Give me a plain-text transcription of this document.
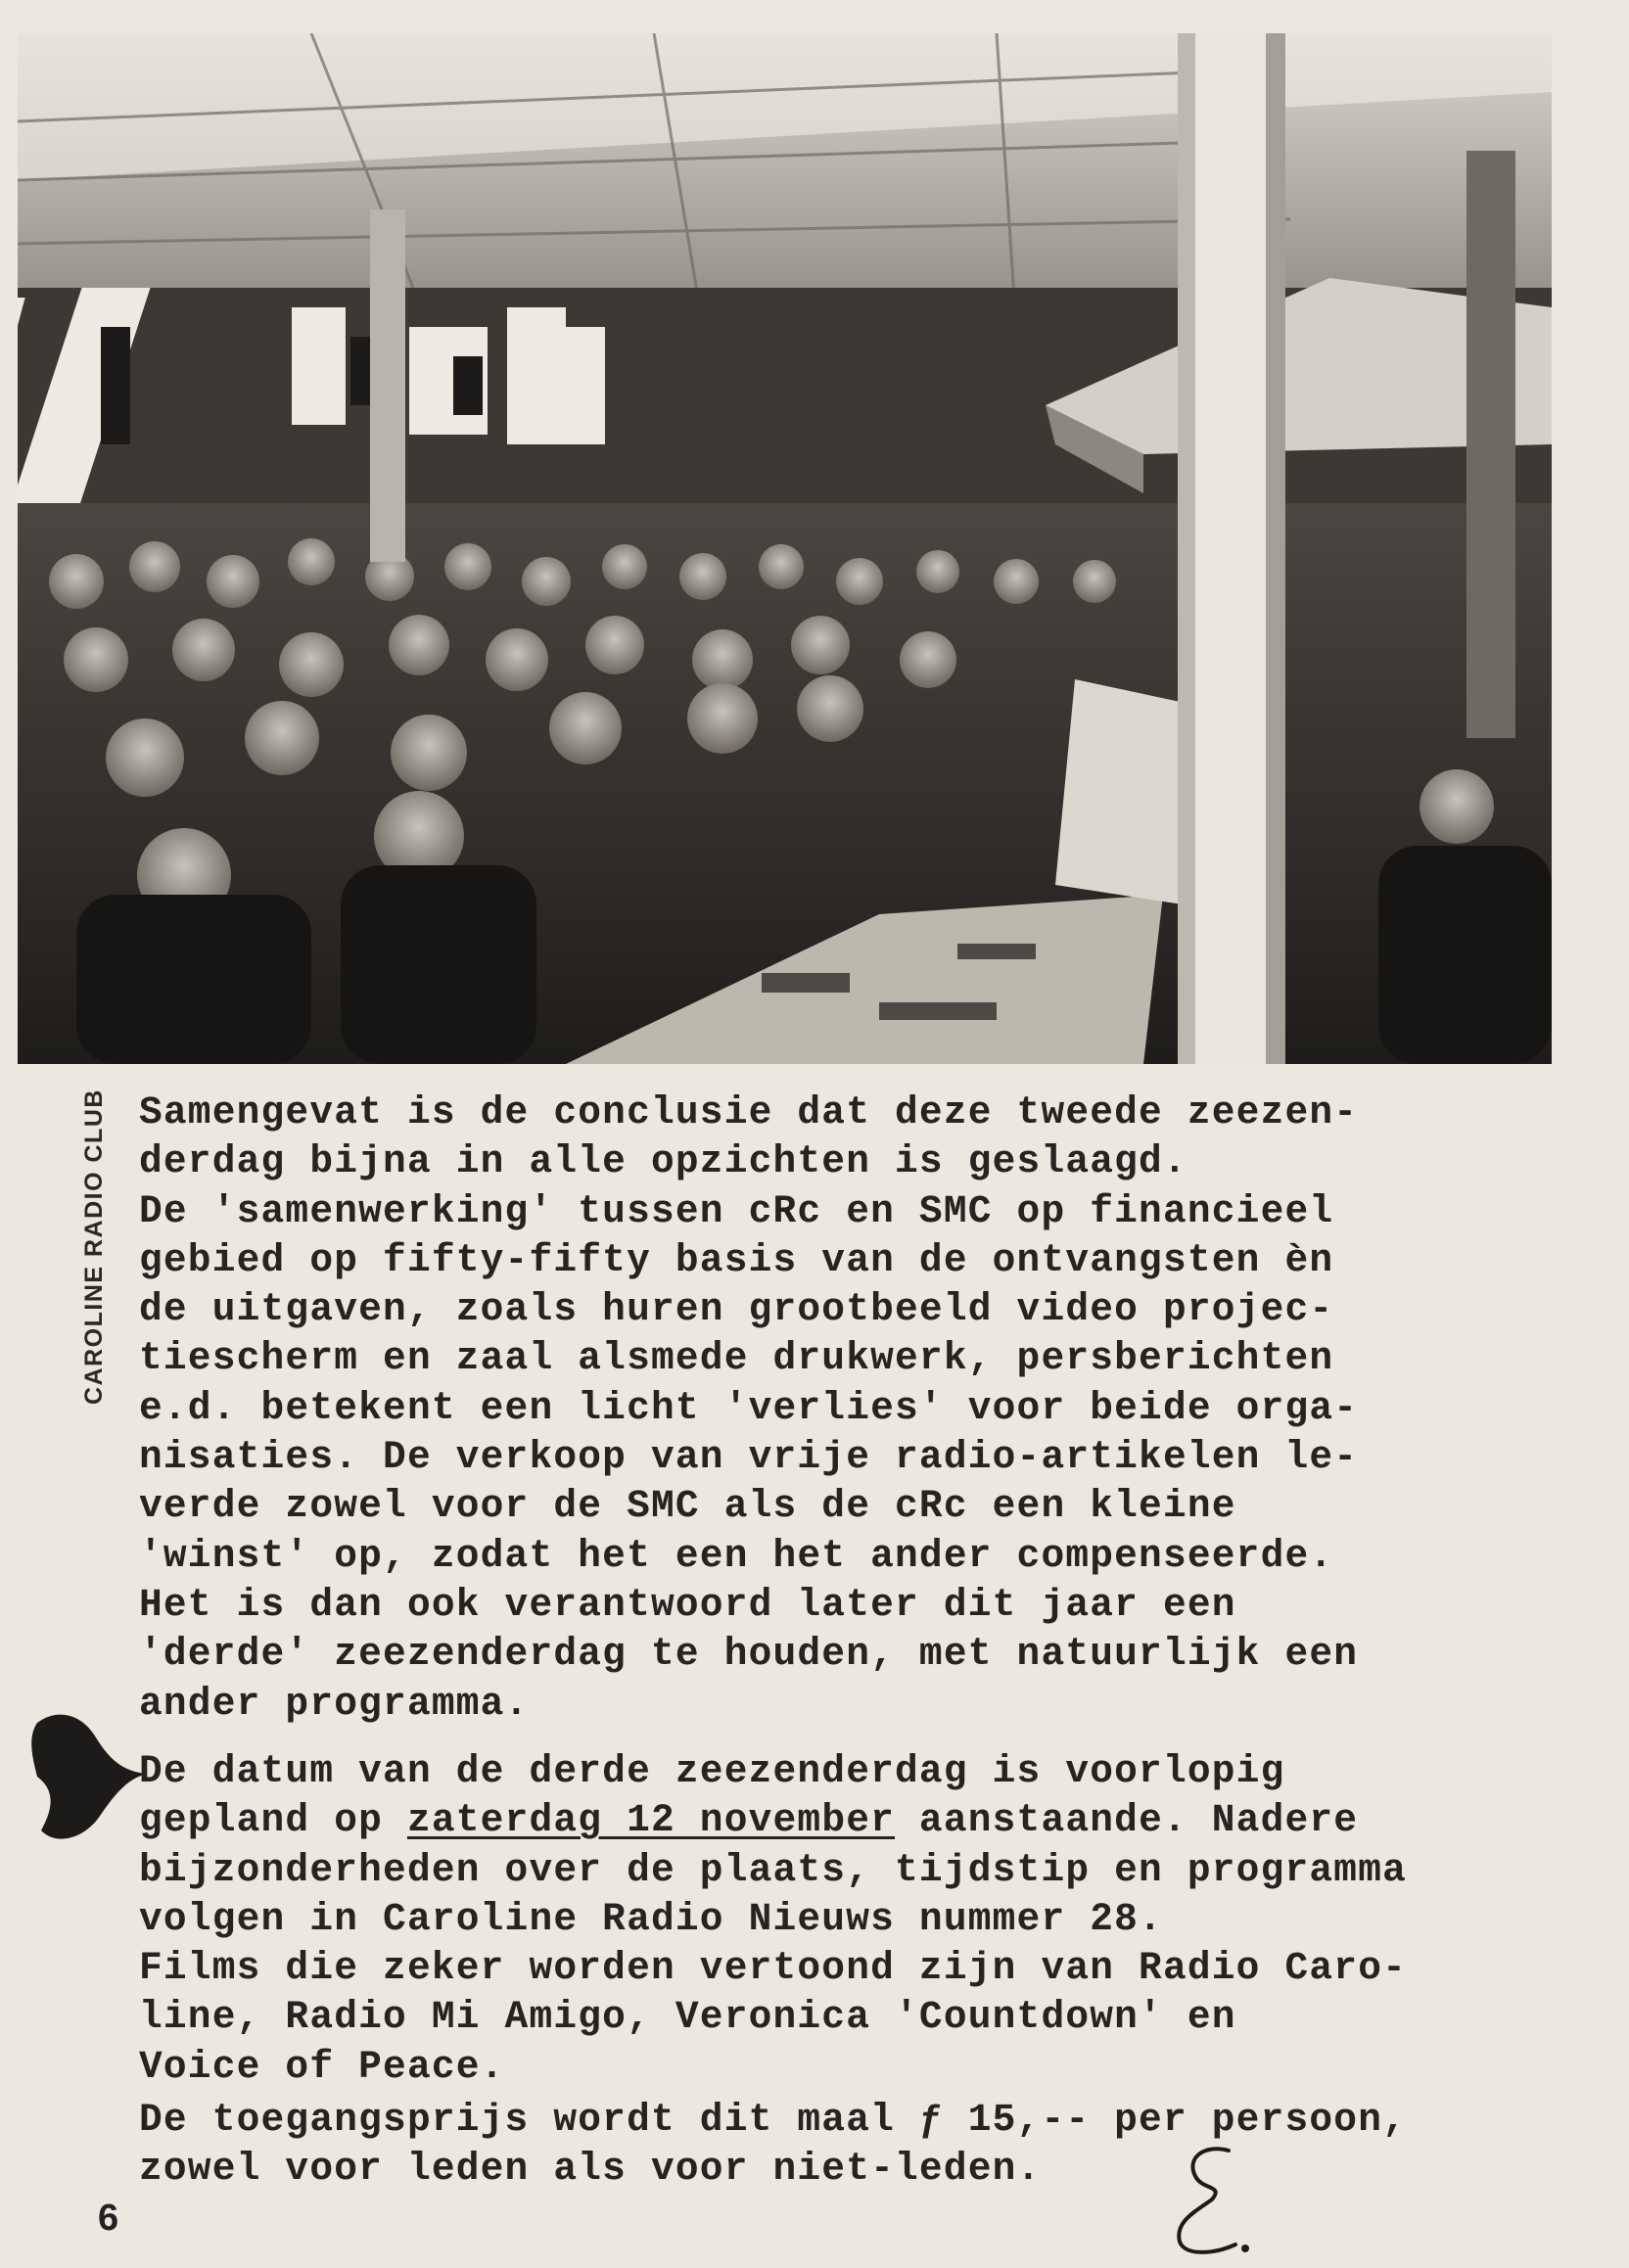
CAROLINE RADIO CLUB Samengevat is de conclusie dat deze tweede zeezen-

derdag bijna in alle opzichten is geslaagd.

De 'samenwerking' tussen cRc en SMC op financieel

gebied op fifty-fifty basis van de ontvangsten èn

de uitgaven, zoals huren grootbeeld video projec-

tiescherm en zaal alsmede drukwerk, persberichten

e.d. betekent een licht 'verlies' voor beide orga-

nisaties. De verkoop van vrije radio-artikelen le-

verde zowel voor de SMC als de cRc een kleine

'winst' op, zodat het een het ander compenseerde.

Het is dan ook verantwoord later dit jaar een

'derde' zeezenderdag te houden, met natuurlijk een

ander programma.

De datum van de derde zeezenderdag is voorlopig

gepland op zaterdag 12 november aanstaande. Nadere

bijzonderheden over de plaats, tijdstip en programma

volgen in Caroline Radio Nieuws nummer 28.

Films die zeker worden vertoond zijn van Radio Caro-

line, Radio Mi Amigo, Veronica 'Countdown' en

Voice of Peace.

De toegangsprijs wordt dit maal ƒ 15,-- per persoon,

zowel voor leden als voor niet-leden.

6
